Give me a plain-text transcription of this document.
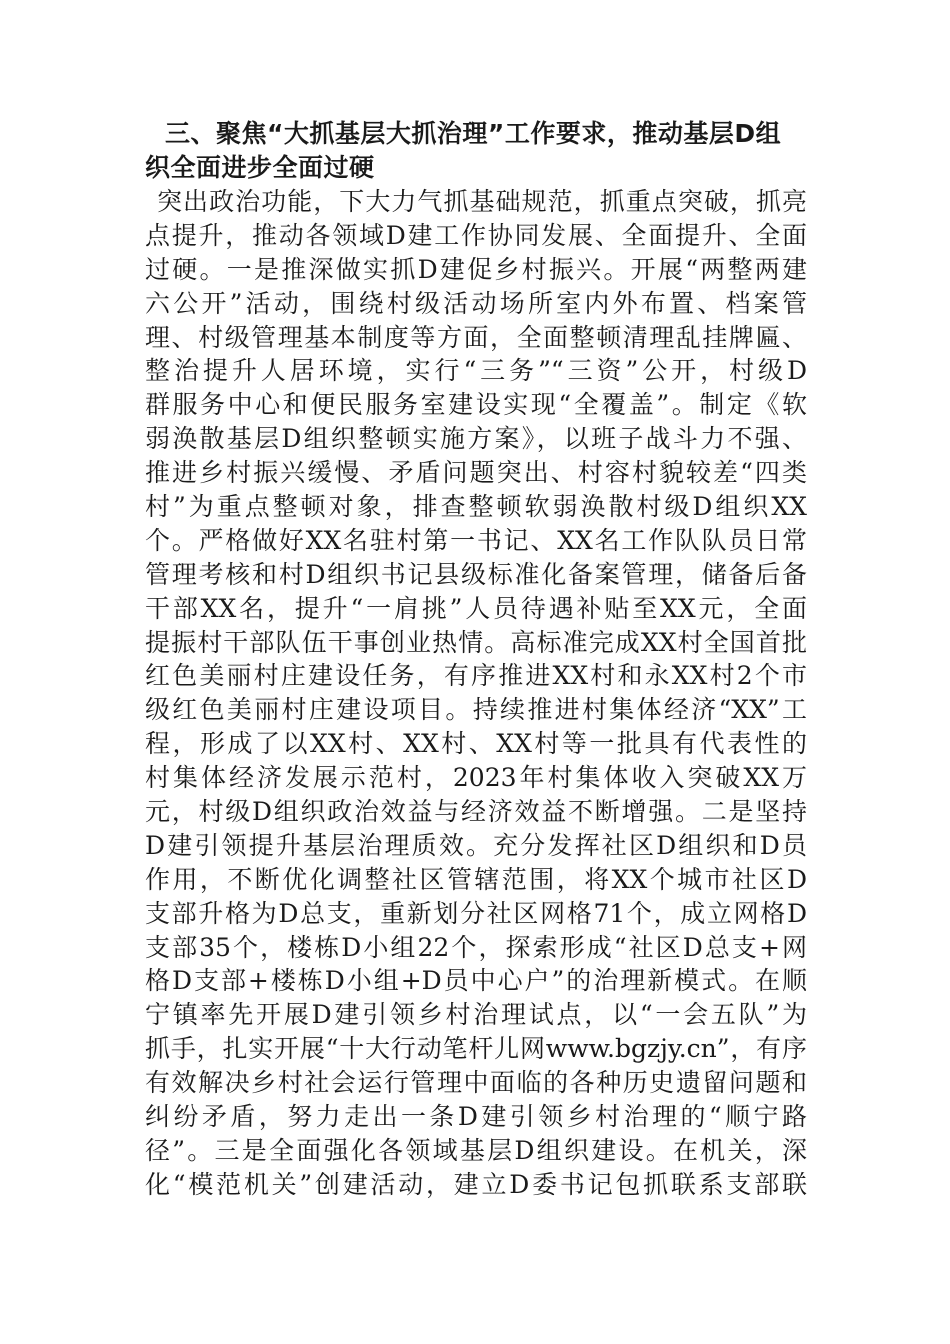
三、聚焦“大抓基层大抓治理”工作要求，推动基层D组
织全面进步全面过硬
突出政治功能，下大力气抓基础规范，抓重点突破，抓亮
点提升，推动各领域D建工作协同发展、全面提升、全面
过硬。一是推深做实抓D建促乡村振兴。开展“两整两建
六公开”活动，围绕村级活动场所室内外布置、档案管
理、村级管理基本制度等方面，全面整顿清理乱挂牌匾、
整治提升人居环境，实行“三务”“三资”公开，村级D
群服务中心和便民服务室建设实现“全覆盖”。制定《软
弱涣散基层D组织整顿实施方案》，以班子战斗力不强、
推进乡村振兴缓慢、矛盾问题突出、村容村貌较差“四类
村”为重点整顿对象，排查整顿软弱涣散村级D组织XX
个。严格做好XX名驻村第一书记、XX名工作队队员日常
管理考核和村D组织书记县级标准化备案管理，储备后备
干部XX名，提升“一肩挑”人员待遇补贴至XX元，全面
提振村干部队伍干事创业热情。高标准完成XX村全国首批
红色美丽村庄建设任务，有序推进XX村和永XX村2个市
级红色美丽村庄建设项目。持续推进村集体经济“XX”工
程，形成了以XX村、XX村、XX村等一批具有代表性的
村集体经济发展示范村，2023年村集体收入突破XX万
元，村级D组织政治效益与经济效益不断增强。二是坚持
D建引领提升基层治理质效。充分发挥社区D组织和D员
作用，不断优化调整社区管辖范围，将XX个城市社区D
支部升格为D总支，重新划分社区网格71个，成立网格D
支部35个，楼栋D小组22个，探索形成“社区D总支+网
格D支部+楼栋D小组+D员中心户”的治理新模式。在顺
宁镇率先开展D建引领乡村治理试点，以“一会五队”为
抓手，扎实开展“十大行动笔杆儿网www.bgzjy.cn”，有序
有效解决乡村社会运行管理中面临的各种历史遗留问题和
纠纷矛盾，努力走出一条D建引领乡村治理的“顺宁路
径”。三是全面强化各领域基层D组织建设。在机关，深
化“模范机关”创建活动，建立D委书记包抓联系支部联
